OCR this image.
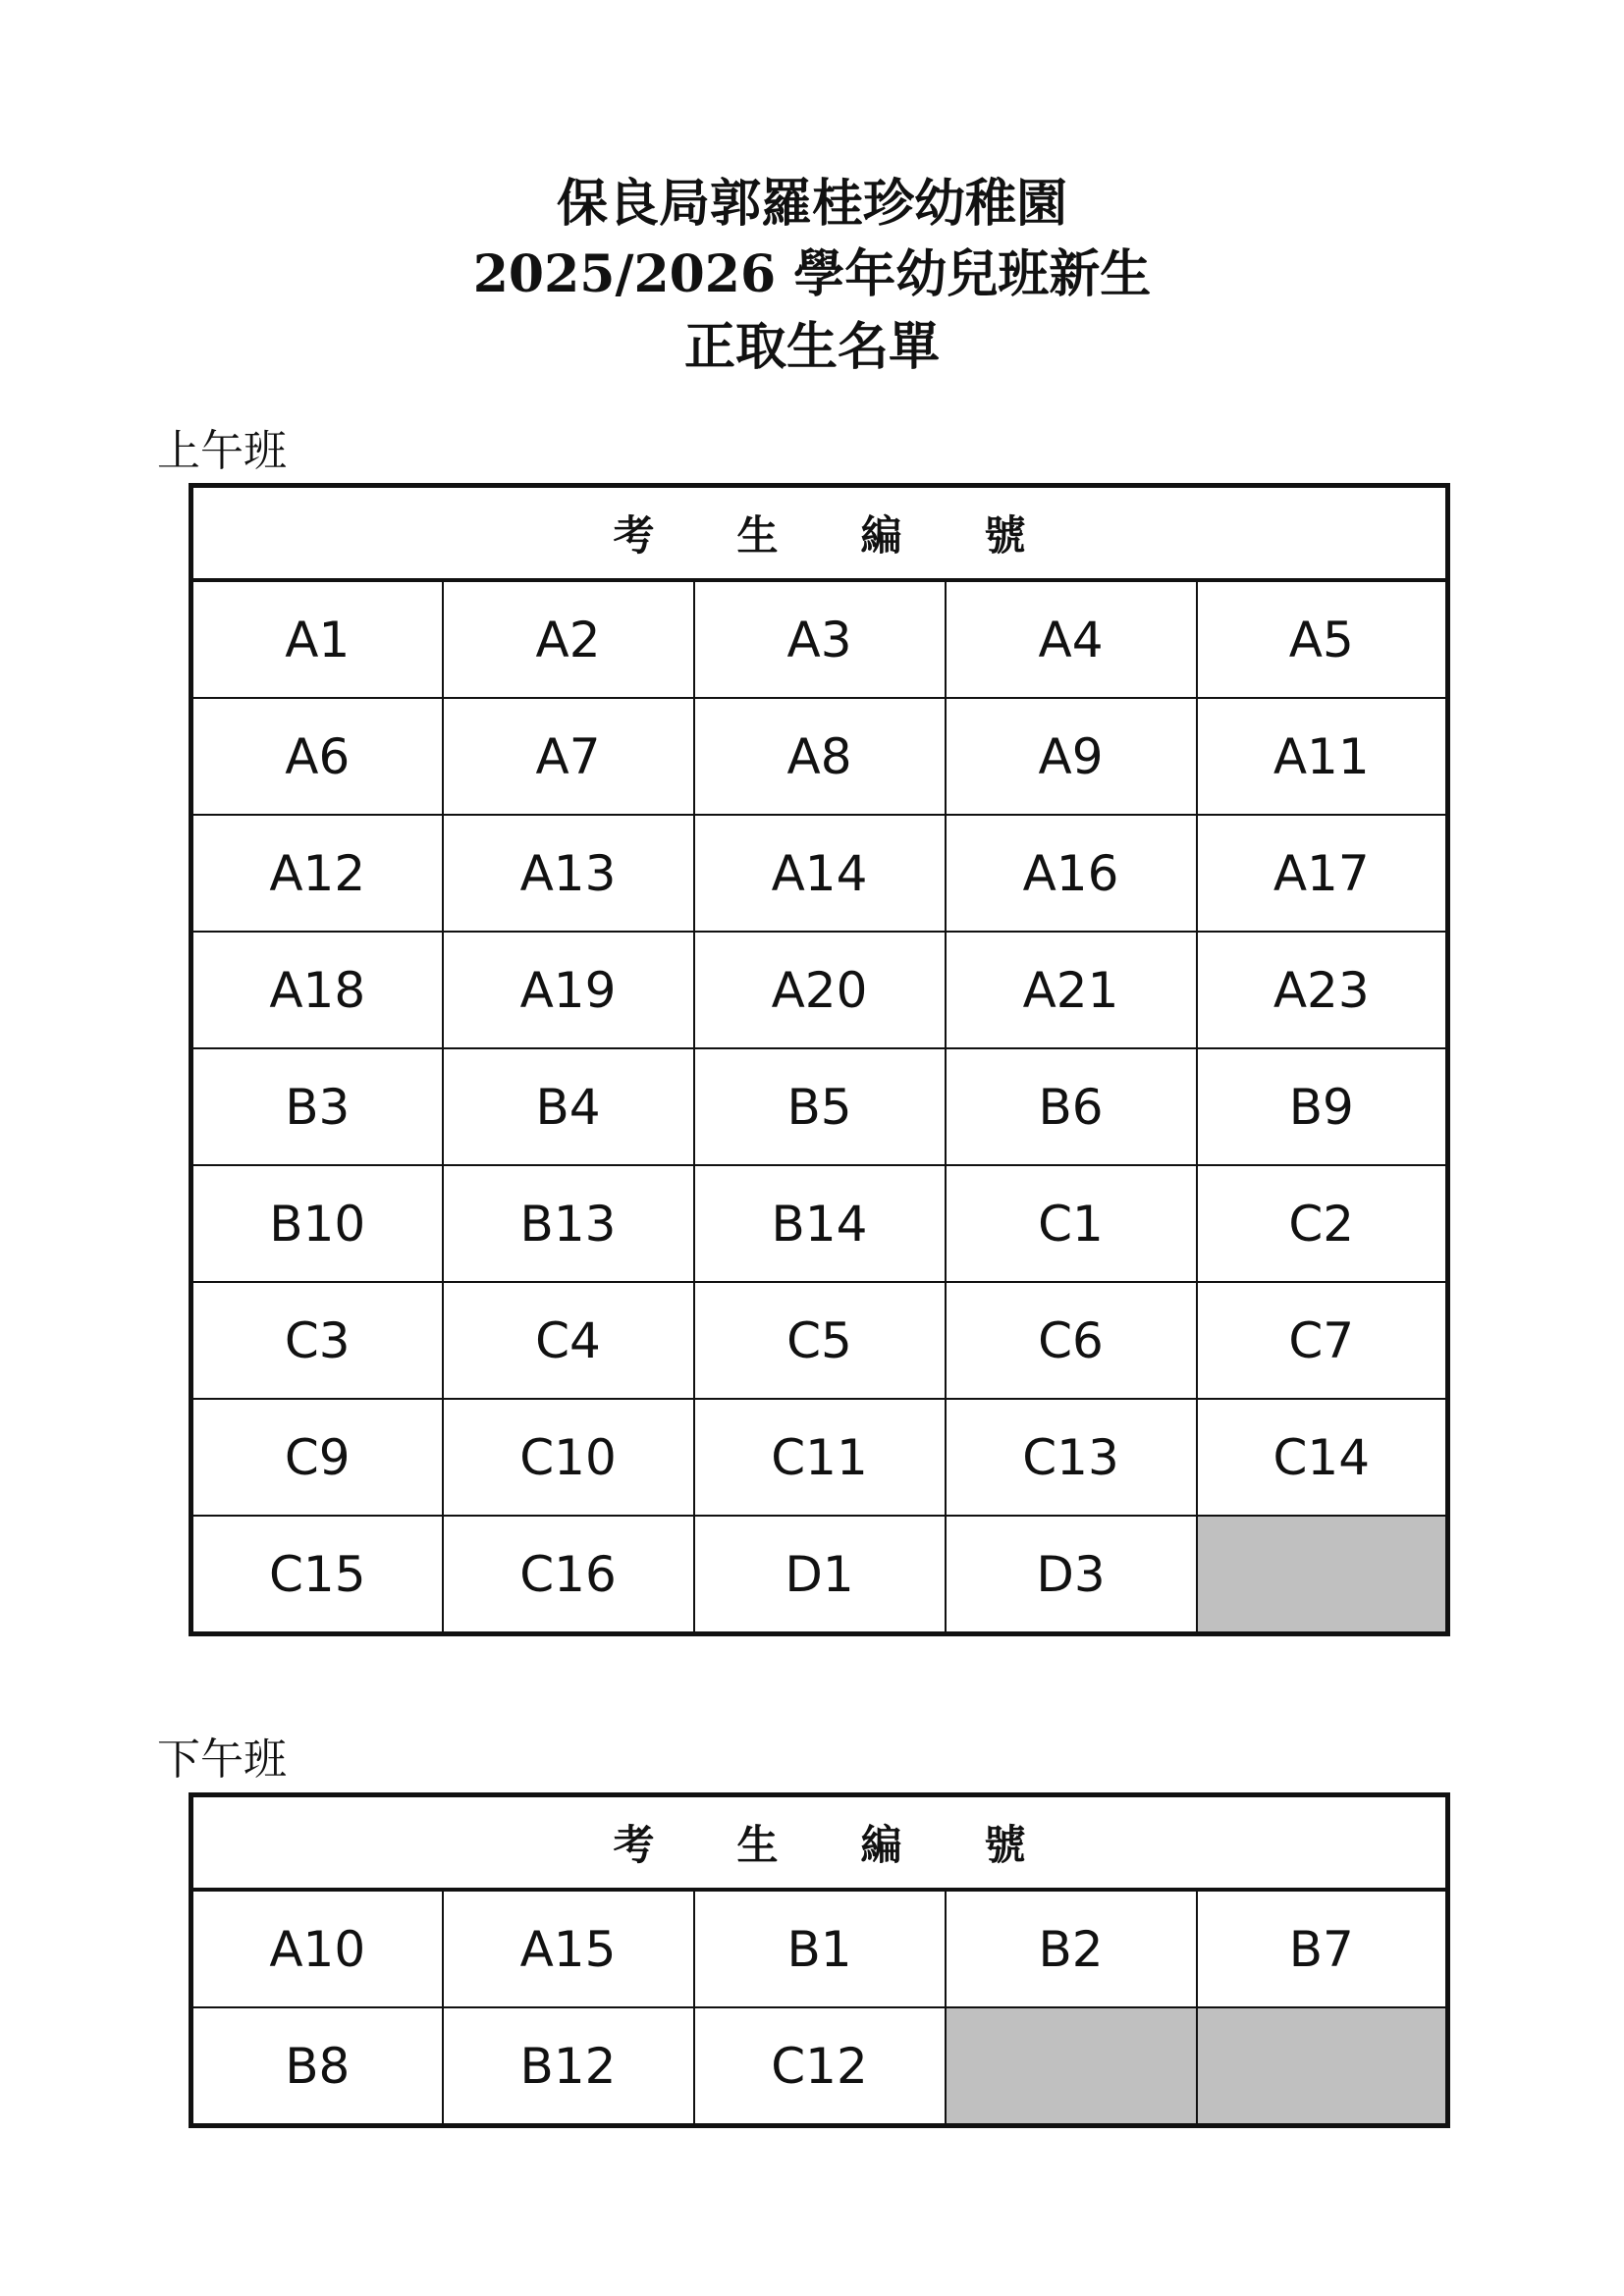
保良局郭羅桂珍幼稚園
2025/2026 學年幼兒班新生
正取生名單
上午班
考生編號				
A1	A2	A3	A4	A5
A6	A7	A8	A9	A11
A12	A13	A14	A16	A17
A18	A19	A20	A21	A23
B3	B4	B5	B6	B9
B10	B13	B14	C1	C2
C3	C4	C5	C6	C7
C9	C10	C11	C13	C14
C15	C16	D1	D3	
下午班
考生編號				
A10	A15	B1	B2	B7
B8	B12	C12		
